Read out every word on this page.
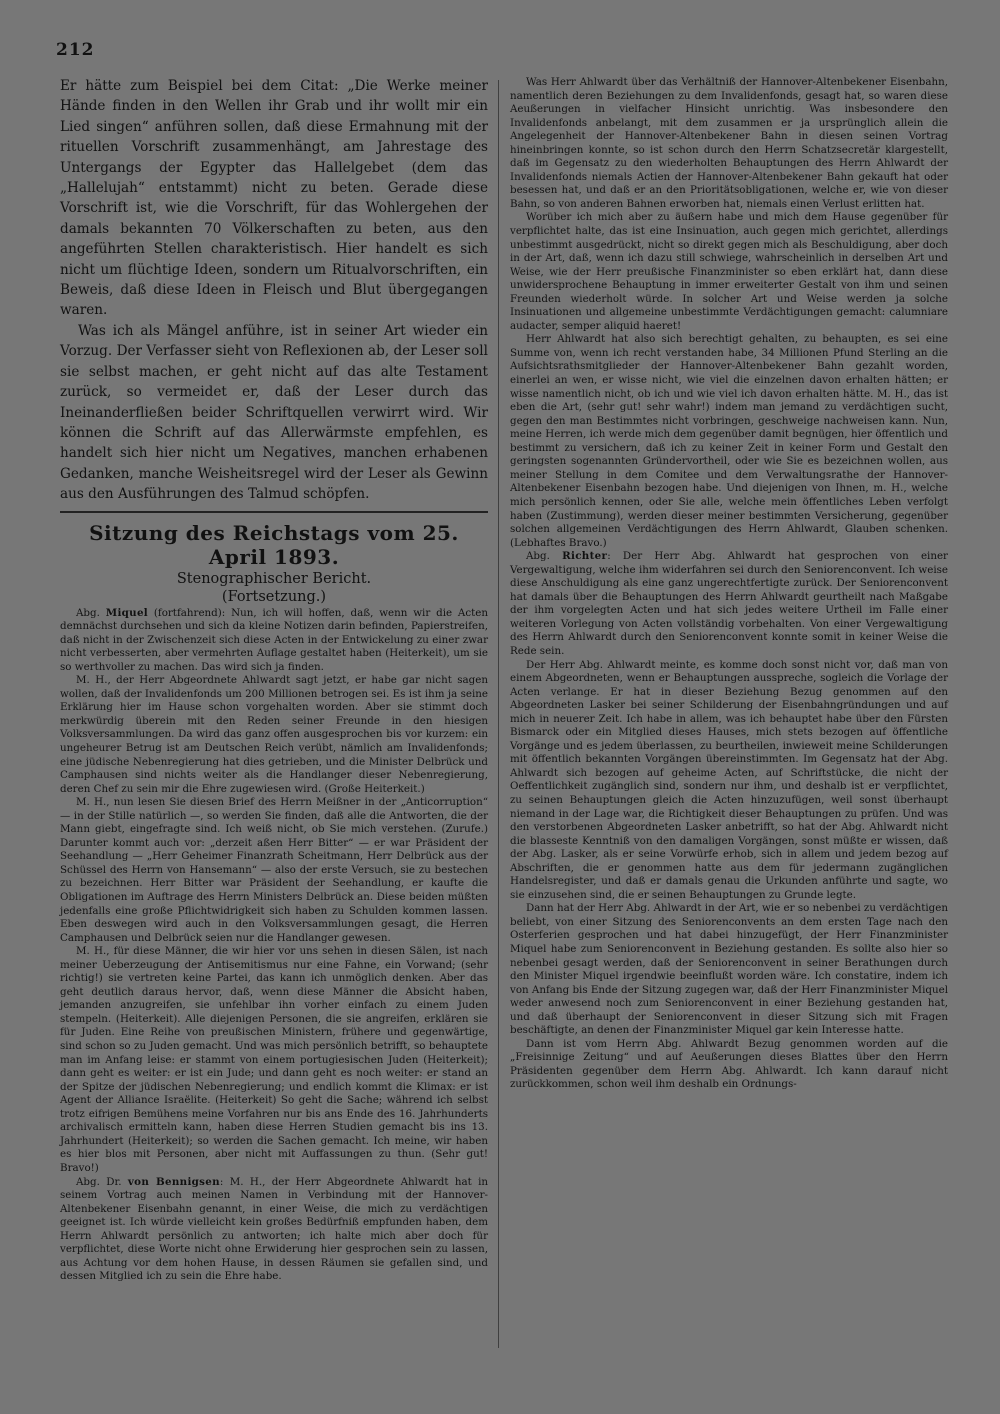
212

Er hätte zum Beispiel bei dem Citat: „Die Werke meiner Hände finden in den Wellen ihr Grab und ihr wollt mir ein Lied singen“ anführen sollen, daß diese Ermahnung mit der rituellen Vorschrift zusammenhängt, am Jahrestage des Untergangs der Egypter das Hallelgebet (dem das „Hallelujah“ entstammt) nicht zu beten. Gerade diese Vorschrift ist, wie die Vorschrift, für das Wohlergehen der damals bekannten 70 Völkerschaften zu beten, aus den angeführten Stellen charakteristisch. Hier handelt es sich nicht um flüchtige Ideen, sondern um Ritualvorschriften, ein Beweis, daß diese Ideen in Fleisch und Blut übergegangen waren.

Was ich als Mängel anführe, ist in seiner Art wieder ein Vorzug. Der Verfasser sieht von Reflexionen ab, der Leser soll sie selbst machen, er geht nicht auf das alte Testament zurück, so vermeidet er, daß der Leser durch das Ineinanderfließen beider Schriftquellen verwirrt wird. Wir können die Schrift auf das Allerwärmste empfehlen, es handelt sich hier nicht um Negatives, manchen erhabenen Gedanken, manche Weisheitsregel wird der Leser als Gewinn aus den Ausführungen des Talmud schöpfen.

Sitzung des Reichstags vom 25. April 1893.
Stenographischer Bericht.
(Fortsetzung.)

Abg. Miquel (fortfahrend): Nun, ich will hoffen, daß, wenn wir die Acten demnächst durchsehen und sich da kleine Notizen darin befinden, Papierstreifen, daß nicht in der Zwischenzeit sich diese Acten in der Entwickelung zu einer zwar nicht verbesserten, aber vermehrten Auflage gestaltet haben (Heiterkeit), um sie so werthvoller zu machen. Das wird sich ja finden.

M. H., der Herr Abgeordnete Ahlwardt sagt jetzt, er habe gar nicht sagen wollen, daß der Invalidenfonds um 200 Millionen betrogen sei. Es ist ihm ja seine Erklärung hier im Hause schon vorgehalten worden. Aber sie stimmt doch merkwürdig überein mit den Reden seiner Freunde in den hiesigen Volksversammlungen. Da wird das ganz offen ausgesprochen bis vor kurzem: ein ungeheurer Betrug ist am Deutschen Reich verübt, nämlich am Invalidenfonds; eine jüdische Nebenregierung hat dies getrieben, und die Minister Delbrück und Camphausen sind nichts weiter als die Handlanger dieser Nebenregierung, deren Chef zu sein mir die Ehre zugewiesen wird. (Große Heiterkeit.)

M. H., nun lesen Sie diesen Brief des Herrn Meißner in der „Anticorruption“ — in der Stille natürlich —, so werden Sie finden, daß alle die Antworten, die der Mann giebt, eingefragte sind. Ich weiß nicht, ob Sie mich verstehen. (Zurufe.) Darunter kommt auch vor: „derzeit aßen Herr Bitter“ — er war Präsident der Seehandlung — „Herr Geheimer Finanzrath Scheitmann, Herr Delbrück aus der Schüssel des Herrn von Hansemann“ — also der erste Versuch, sie zu bestechen zu bezeichnen. Herr Bitter war Präsident der Seehandlung, er kaufte die Obligationen im Auftrage des Herrn Ministers Delbrück an. Diese beiden müßten jedenfalls eine große Pflichtwidrigkeit sich haben zu Schulden kommen lassen. Eben deswegen wird auch in den Volksversammlungen gesagt, die Herren Camphausen und Delbrück seien nur die Handlanger gewesen.

M. H., für diese Männer, die wir hier vor uns sehen in diesen Sälen, ist nach meiner Ueberzeugung der Antisemitismus nur eine Fahne, ein Vorwand; (sehr richtig!) sie vertreten keine Partei, das kann ich unmöglich denken. Aber das geht deutlich daraus hervor, daß, wenn diese Männer die Absicht haben, jemanden anzugreifen, sie unfehlbar ihn vorher einfach zu einem Juden stempeln. (Heiterkeit). Alle diejenigen Personen, die sie angreifen, erklären sie für Juden. Eine Reihe von preußischen Ministern, frühere und gegenwärtige, sind schon so zu Juden gemacht. Und was mich persönlich betrifft, so behauptete man im Anfang leise: er stammt von einem portugiesischen Juden (Heiterkeit); dann geht es weiter: er ist ein Jude; und dann geht es noch weiter: er stand an der Spitze der jüdischen Nebenregierung; und endlich kommt die Klimax: er ist Agent der Alliance Israëlite. (Heiterkeit) So geht die Sache; während ich selbst trotz eifrigen Bemühens meine Vorfahren nur bis ans Ende des 16. Jahrhunderts archivalisch ermitteln kann, haben diese Herren Studien gemacht bis ins 13. Jahrhundert (Heiterkeit); so werden die Sachen gemacht. Ich meine, wir haben es hier blos mit Personen, aber nicht mit Auffassungen zu thun. (Sehr gut! Bravo!)

Abg. Dr. von Bennigsen: M. H., der Herr Abgeordnete Ahlwardt hat in seinem Vortrag auch meinen Namen in Verbindung mit der Hannover-Altenbekener Eisenbahn genannt, in einer Weise, die mich zu verdächtigen geeignet ist. Ich würde vielleicht kein großes Bedürfniß empfunden haben, dem Herrn Ahlwardt persönlich zu antworten; ich halte mich aber doch für verpflichtet, diese Worte nicht ohne Erwiderung hier gesprochen sein zu lassen, aus Achtung vor dem hohen Hause, in dessen Räumen sie gefallen sind, und dessen Mitglied ich zu sein die Ehre habe.

Was Herr Ahlwardt über das Verhältniß der Hannover-Altenbekener Eisenbahn, namentlich deren Beziehungen zu dem Invalidenfonds, gesagt hat, so waren diese Aeußerungen in vielfacher Hinsicht unrichtig. Was insbesondere den Invalidenfonds anbelangt, mit dem zusammen er ja ursprünglich allein die Angelegenheit der Hannover-Altenbekener Bahn in diesen seinen Vortrag hineinbringen konnte, so ist schon durch den Herrn Schatzsecretär klargestellt, daß im Gegensatz zu den wiederholten Behauptungen des Herrn Ahlwardt der Invalidenfonds niemals Actien der Hannover-Altenbekener Bahn gekauft hat oder besessen hat, und daß er an den Prioritätsobligationen, welche er, wie von dieser Bahn, so von anderen Bahnen erworben hat, niemals einen Verlust erlitten hat.

Worüber ich mich aber zu äußern habe und mich dem Hause gegenüber für verpflichtet halte, das ist eine Insinuation, auch gegen mich gerichtet, allerdings unbestimmt ausgedrückt, nicht so direkt gegen mich als Beschuldigung, aber doch in der Art, daß, wenn ich dazu still schwiege, wahrscheinlich in derselben Art und Weise, wie der Herr preußische Finanzminister so eben erklärt hat, dann diese unwidersprochene Behauptung in immer erweiterter Gestalt von ihm und seinen Freunden wiederholt würde. In solcher Art und Weise werden ja solche Insinuationen und allgemeine unbestimmte Verdächtigungen gemacht: calumniare audacter, semper aliquid haeret!

Herr Ahlwardt hat also sich berechtigt gehalten, zu behaupten, es sei eine Summe von, wenn ich recht verstanden habe, 34 Millionen Pfund Sterling an die Aufsichtsrathsmitglieder der Hannover-Altenbekener Bahn gezahlt worden, einerlei an wen, er wisse nicht, wie viel die einzelnen davon erhalten hätten; er wisse namentlich nicht, ob ich und wie viel ich davon erhalten hätte. M. H., das ist eben die Art, (sehr gut! sehr wahr!) indem man jemand zu verdächtigen sucht, gegen den man Bestimmtes nicht vorbringen, geschweige nachweisen kann. Nun, meine Herren, ich werde mich dem gegenüber damit begnügen, hier öffentlich und bestimmt zu versichern, daß ich zu keiner Zeit in keiner Form und Gestalt den geringsten sogenannten Gründervortheil, oder wie Sie es bezeichnen wollen, aus meiner Stellung in dem Comitee und dem Verwaltungsrathe der Hannover-Altenbekener Eisenbahn bezogen habe. Und diejenigen von Ihnen, m. H., welche mich persönlich kennen, oder Sie alle, welche mein öffentliches Leben verfolgt haben (Zustimmung), werden dieser meiner bestimmten Versicherung, gegenüber solchen allgemeinen Verdächtigungen des Herrn Ahlwardt, Glauben schenken. (Lebhaftes Bravo.)

Abg. Richter: Der Herr Abg. Ahlwardt hat gesprochen von einer Vergewaltigung, welche ihm widerfahren sei durch den Seniorenconvent. Ich weise diese Anschuldigung als eine ganz ungerechtfertigte zurück. Der Seniorenconvent hat damals über die Behauptungen des Herrn Ahlwardt geurtheilt nach Maßgabe der ihm vorgelegten Acten und hat sich jedes weitere Urtheil im Falle einer weiteren Vorlegung von Acten vollständig vorbehalten. Von einer Vergewaltigung des Herrn Ahlwardt durch den Seniorenconvent konnte somit in keiner Weise die Rede sein.

Der Herr Abg. Ahlwardt meinte, es komme doch sonst nicht vor, daß man von einem Abgeordneten, wenn er Behauptungen ausspreche, sogleich die Vorlage der Acten verlange. Er hat in dieser Beziehung Bezug genommen auf den Abgeordneten Lasker bei seiner Schilderung der Eisenbahngründungen und auf mich in neuerer Zeit. Ich habe in allem, was ich behauptet habe über den Fürsten Bismarck oder ein Mitglied dieses Hauses, mich stets bezogen auf öffentliche Vorgänge und es jedem überlassen, zu beurtheilen, inwieweit meine Schilderungen mit öffentlich bekannten Vorgängen übereinstimmten. Im Gegensatz hat der Abg. Ahlwardt sich bezogen auf geheime Acten, auf Schriftstücke, die nicht der Oeffentlichkeit zugänglich sind, sondern nur ihm, und deshalb ist er verpflichtet, zu seinen Behauptungen gleich die Acten hinzuzufügen, weil sonst überhaupt niemand in der Lage war, die Richtigkeit dieser Behauptungen zu prüfen. Und was den verstorbenen Abgeordneten Lasker anbetrifft, so hat der Abg. Ahlwardt nicht die blasseste Kenntniß von den damaligen Vorgängen, sonst müßte er wissen, daß der Abg. Lasker, als er seine Vorwürfe erhob, sich in allem und jedem bezog auf Abschriften, die er genommen hatte aus dem für jedermann zugänglichen Handelsregister, und daß er damals genau die Urkunden anführte und sagte, wo sie einzusehen sind, die er seinen Behauptungen zu Grunde legte.

Dann hat der Herr Abg. Ahlwardt in der Art, wie er so nebenbei zu verdächtigen beliebt, von einer Sitzung des Seniorenconvents an dem ersten Tage nach den Osterferien gesprochen und hat dabei hinzugefügt, der Herr Finanzminister Miquel habe zum Seniorenconvent in Beziehung gestanden. Es sollte also hier so nebenbei gesagt werden, daß der Seniorenconvent in seiner Berathungen durch den Minister Miquel irgendwie beeinflußt worden wäre. Ich constatire, indem ich von Anfang bis Ende der Sitzung zugegen war, daß der Herr Finanzminister Miquel weder anwesend noch zum Seniorenconvent in einer Beziehung gestanden hat, und daß überhaupt der Seniorenconvent in dieser Sitzung sich mit Fragen beschäftigte, an denen der Finanzminister Miquel gar kein Interesse hatte.

Dann ist vom Herrn Abg. Ahlwardt Bezug genommen worden auf die „Freisinnige Zeitung“ und auf Aeußerungen dieses Blattes über den Herrn Präsidenten gegenüber dem Herrn Abg. Ahlwardt. Ich kann darauf nicht zurückkommen, schon weil ihm deshalb ein Ordnungs-
